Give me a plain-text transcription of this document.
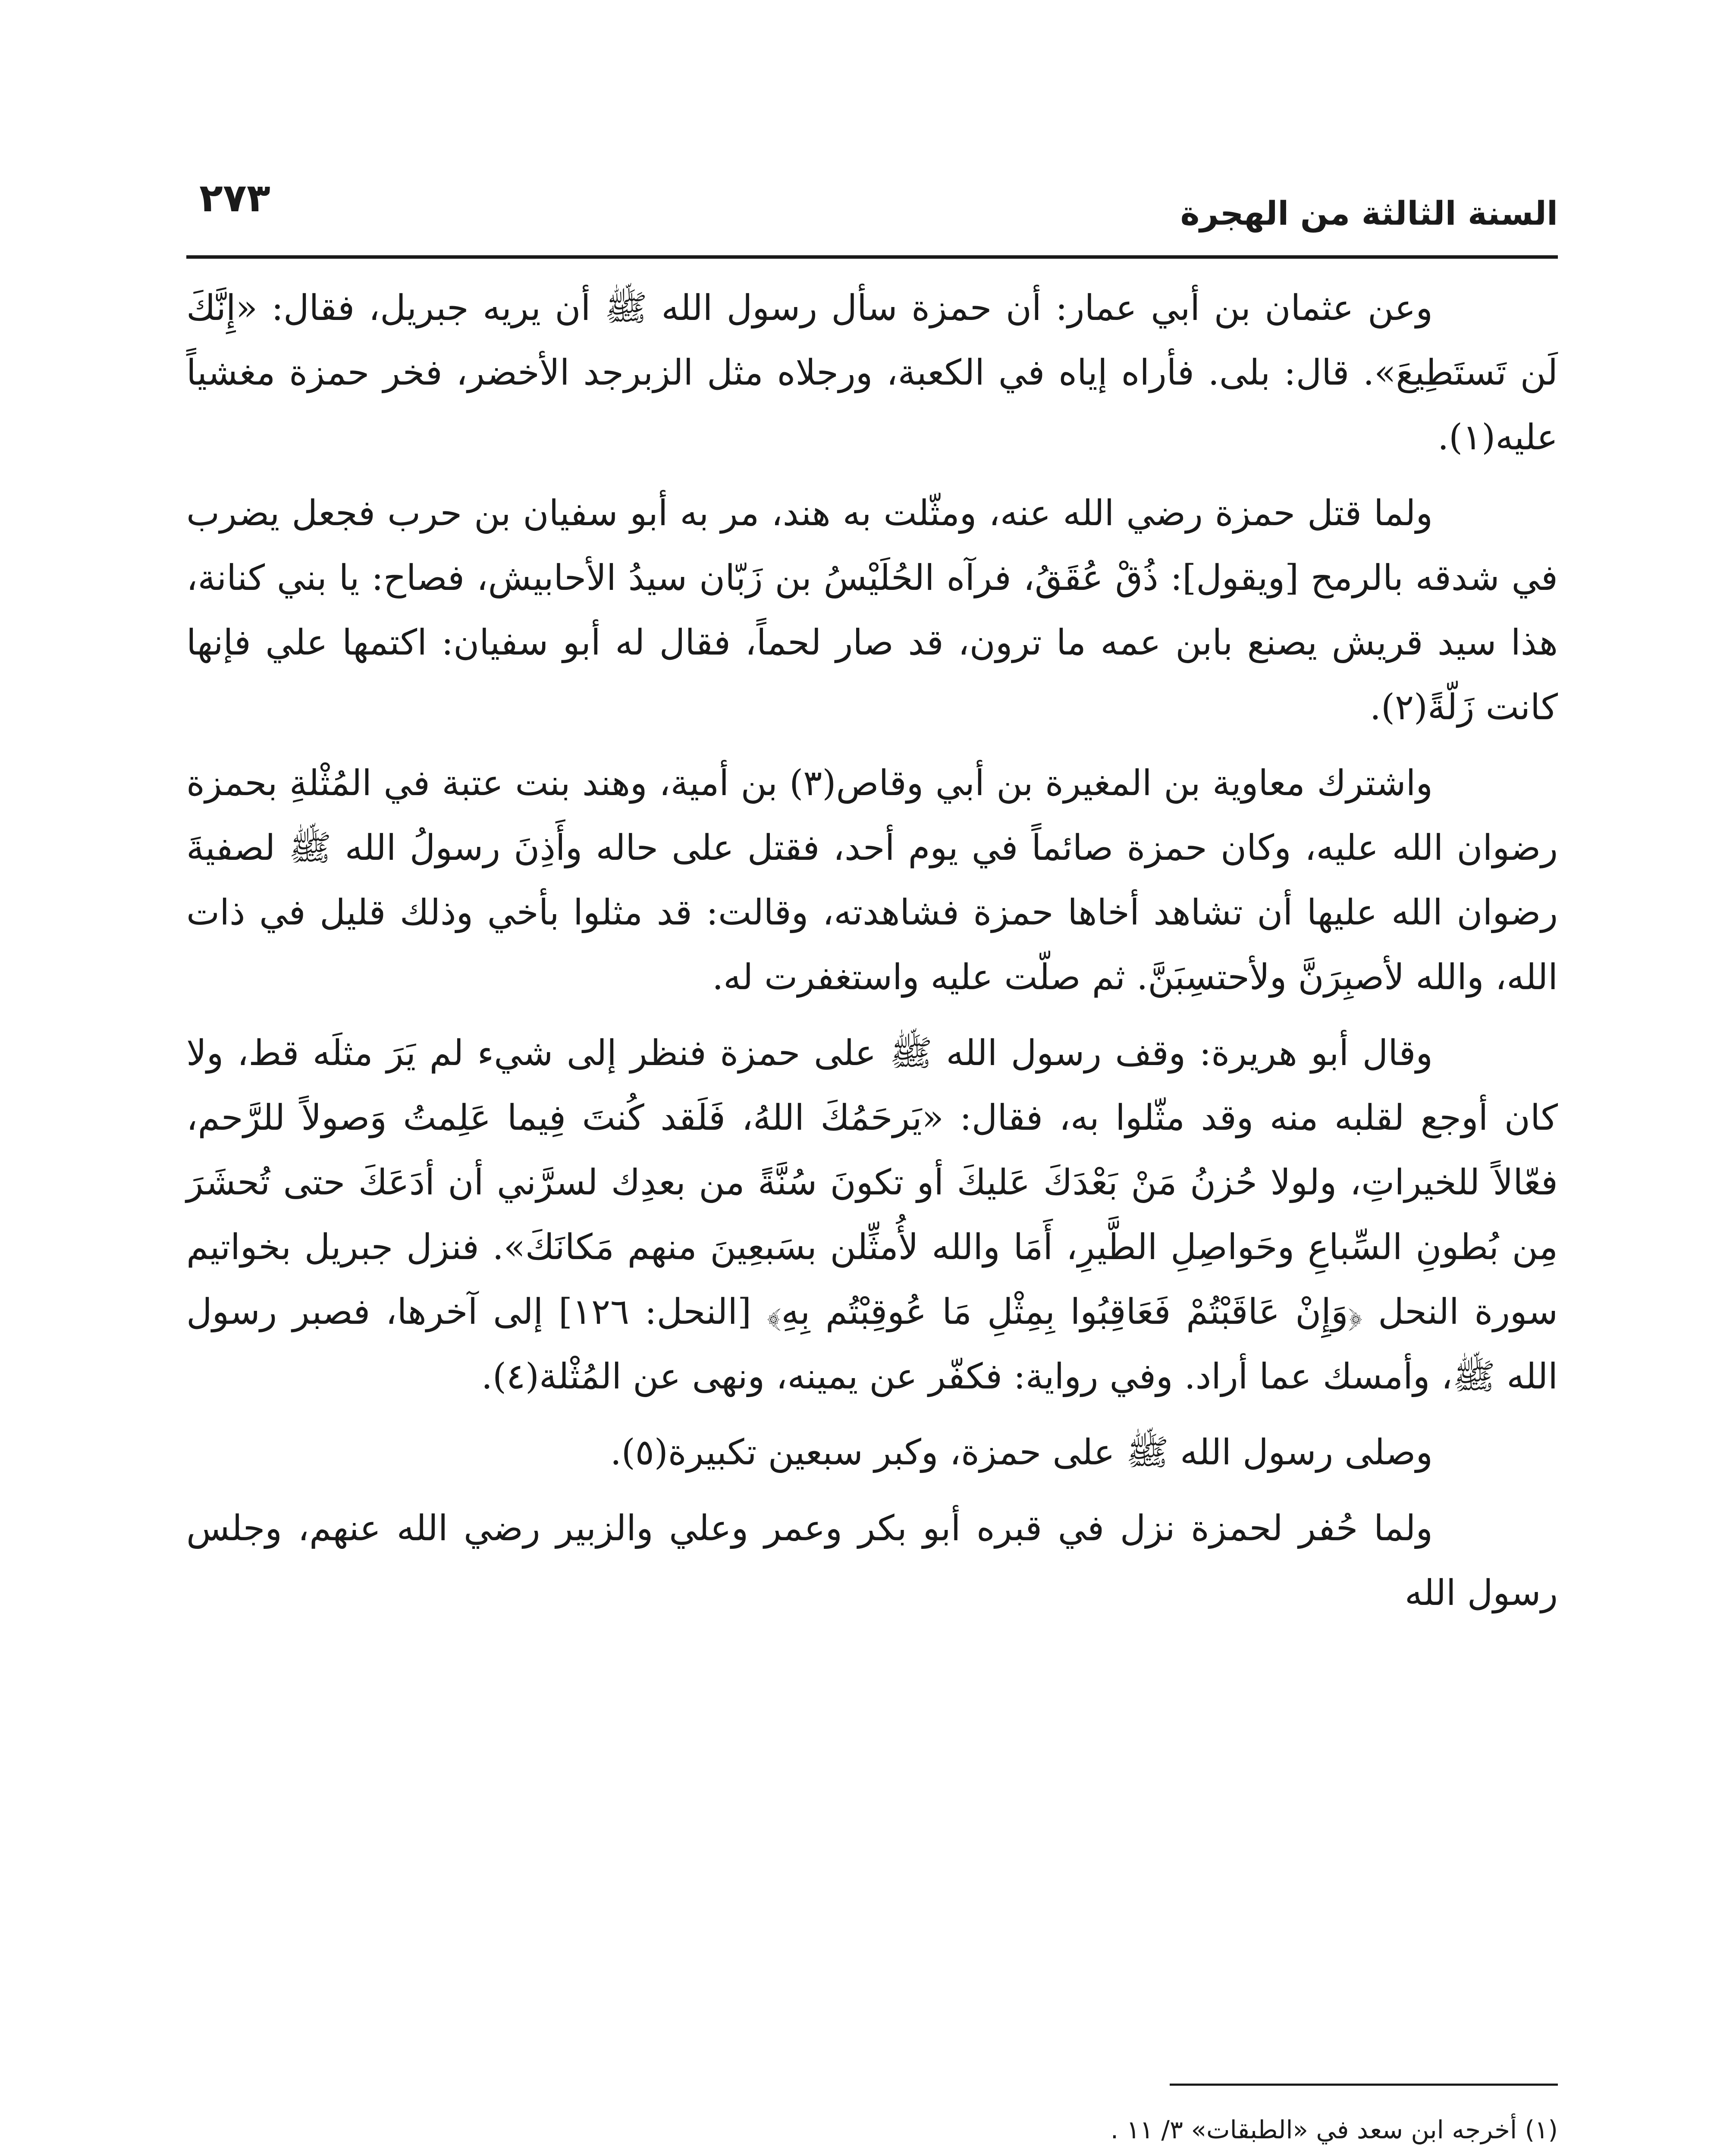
السنة الثالثة من الهجرة
٢٧٣

وعن عثمان بن أبي عمار: أن حمزة سأل رسول الله ﷺ أن يريه جبريل، فقال: «إِنَّكَ لَن تَستَطِيعَ». قال: بلى. فأراه إياه في الكعبة، ورجلاه مثل الزبرجد الأخضر، فخر حمزة مغشياً عليه(١).

ولما قتل حمزة رضي الله عنه، ومثّلت به هند، مر به أبو سفيان بن حرب فجعل يضرب في شدقه بالرمح [ويقول]: ذُقْ عُقَقُ، فرآه الحُلَيْسُ بن زَبّان سيدُ الأحابيش، فصاح: يا بني كنانة، هذا سيد قريش يصنع بابن عمه ما ترون، قد صار لحماً، فقال له أبو سفيان: اكتمها علي فإنها كانت زَلّةً(٢).

واشترك معاوية بن المغيرة بن أبي وقاص(٣) بن أمية، وهند بنت عتبة في المُثْلةِ بحمزة رضوان الله عليه، وكان حمزة صائماً في يوم أحد، فقتل على حاله وأَذِنَ رسولُ الله ﷺ لصفيةَ رضوان الله عليها أن تشاهد أخاها حمزة فشاهدته، وقالت: قد مثلوا بأخي وذلك قليل في ذات الله، والله لأصبِرَنَّ ولأحتسِبَنَّ. ثم صلّت عليه واستغفرت له.

وقال أبو هريرة: وقف رسول الله ﷺ على حمزة فنظر إلى شيء لم يَرَ مثلَه قط، ولا كان أوجع لقلبه منه وقد مثّلوا به، فقال: «يَرحَمُكَ اللهُ، فَلَقد كُنتَ فِيما عَلِمتُ وَصولاً للرَّحم، فعّالاً للخيراتِ، ولولا حُزنُ مَنْ بَعْدَكَ عَليكَ أو تكونَ سُنَّةً من بعدِك لسرَّني أن أدَعَكَ حتى تُحشَرَ مِن بُطونِ السِّباعِ وحَواصِلِ الطَّيرِ، أَمَا والله لأُمثِّلن بسَبعِينَ منهم مَكانَكَ». فنزل جبريل بخواتيم سورة النحل ﴿وَإِنْ عَاقَبْتُمْ فَعَاقِبُوا بِمِثْلِ مَا عُوقِبْتُم بِهِ﴾ [النحل: ١٢٦] إلى آخرها، فصبر رسول الله ﷺ، وأمسك عما أراد. وفي رواية: فكفّر عن يمينه، ونهى عن المُثْلة(٤).

وصلى رسول الله ﷺ على حمزة، وكبر سبعين تكبيرة(٥).

ولما حُفر لحمزة نزل في قبره أبو بكر وعمر وعلي والزبير رضي الله عنهم، وجلس رسول الله

(١) أخرجه ابن سعد في «الطبقات» ٣/ ١١ .
